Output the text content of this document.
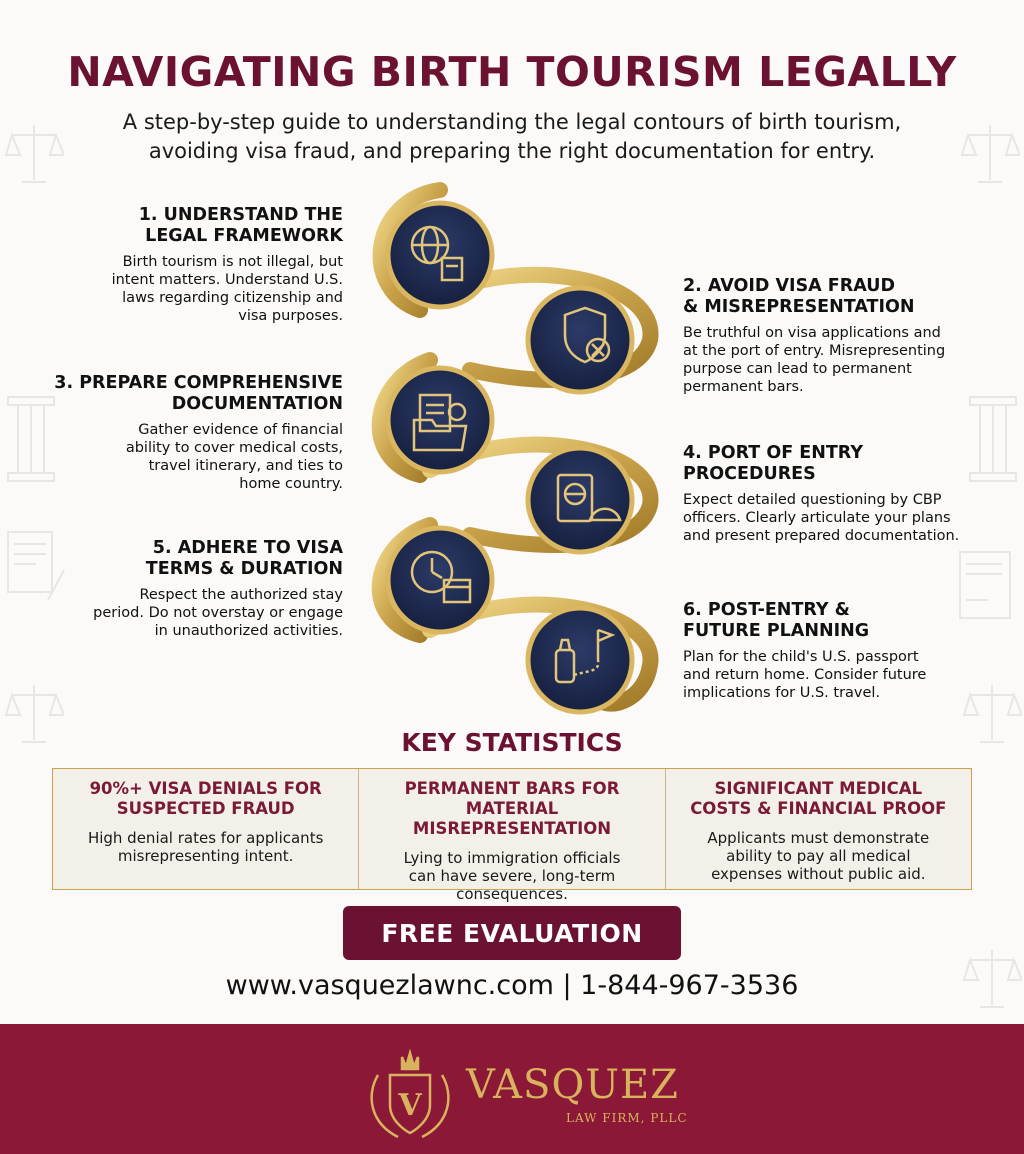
NAVIGATING BIRTH TOURISM LEGALLY
A step-by-step guide to understanding the legal contours of birth tourism,
avoiding visa fraud, and preparing the right documentation for entry.
1. UNDERSTAND THE
LEGAL FRAMEWORK

Birth tourism is not illegal, but
intent matters. Understand U.S.
laws regarding citizenship and
visa purposes.

2. AVOID VISA FRAUD
& MISREPRESENTATION

Be truthful on visa applications and
at the port of entry. Misrepresenting
purpose can lead to permanent
permanent bars.

3. PREPARE COMPREHENSIVE
DOCUMENTATION

Gather evidence of financial
ability to cover medical costs,
travel itinerary, and ties to
home country.

4. PORT OF ENTRY
PROCEDURES

Expect detailed questioning by CBP
officers. Clearly articulate your plans
and present prepared documentation.

5. ADHERE TO VISA
TERMS & DURATION

Respect the authorized stay
period. Do not overstay or engage
in unauthorized activities.

6. POST-ENTRY &
FUTURE PLANNING

Plan for the child's U.S. passport
and return home. Consider future
implications for U.S. travel.

KEY STATISTICS
90%+ VISA DENIALS FOR
SUSPECTED FRAUD

High denial rates for applicants
misrepresenting intent.

PERMANENT BARS FOR
MATERIAL MISREPRESENTATION

Lying to immigration officials
can have severe, long-term
consequences.

SIGNIFICANT MEDICAL
COSTS & FINANCIAL PROOF

Applicants must demonstrate
ability to pay all medical
expenses without public aid.

FREE EVALUATION
www.vasquezlawnc.com | 1-844-967-3536
V VASQUEZ
LAW FIRM, PLLC
